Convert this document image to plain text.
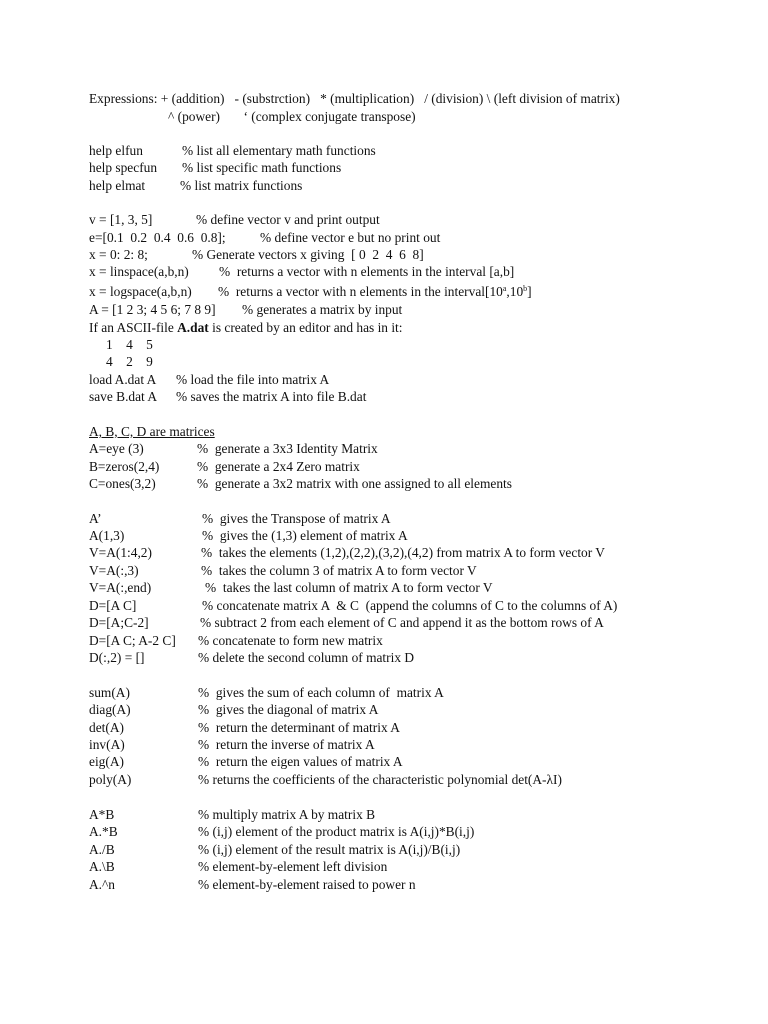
Expressions: + (addition)   - (substrction)   * (multiplication)   / (division) \ (left division of matrix)
^ (power)       ‘ (complex conjugate transpose)
help elfun	% list all elementary math functions
help specfun % list specific math functions
help elmat	% list matrix functions
v = [1, 3, 5]	% define vector v and print output
e=[0.1  0.2  0.4  0.6  0.8];	% define vector e but no print out
x = 0: 2: 8;	% Generate vectors x giving  [ 0  2  4  6  8]
x = linspace(a,b,n) %  returns a vector with n elements in the interval [a,b]
x = logspace(a,b,n) %  returns a vector with n elements in the interval[10$^a$,10$^b$]
A = [1 2 3; 4 5 6; 7 8 9] % generates a matrix by input
If an ASCII-file A.dat is created by an editor and has in it:
1    4    5
4    2    9
load A.dat A % load the file into matrix A
save B.dat A % saves the matrix A into file B.dat
A, B, C, D are matrices
A=eye (3)	%  generate a 3x3 Identity Matrix
B=zeros(2,4)	%  generate a 2x4 Zero matrix
C=ones(3,2)	%  generate a 3x2 matrix with one assigned to all elements
A’	%  gives the Transpose of matrix A
A(1,3)	%  gives the (1,3) element of matrix A
V=A(1:4,2)	%  takes the elements (1,2),(2,2),(3,2),(4,2) from matrix A to form vector V
V=A(:,3)	%  takes the column 3 of matrix A to form vector V
V=A(:,end)	%  takes the last column of matrix A to form vector V
D=[A C]	% concatenate matrix A  & C  (append the columns of C to the columns of A)
D=[A;C-2]	% subtract 2 from each element of C and append it as the bottom rows of A
D=[A C; A-2 C] % concatenate to form new matrix
D(:,2) = []	% delete the second column of matrix D
sum(A)	%  gives the sum of each column of  matrix A
diag(A)	%  gives the diagonal of matrix A
det(A)	%  return the determinant of matrix A
inv(A)	%  return the inverse of matrix A
eig(A)	%  return the eigen values of matrix A
poly(A)	% returns the coefficients of the characteristic polynomial det(A-λI)
A*B	% multiply matrix A by matrix B
A.*B	% (i,j) element of the product matrix is A(i,j)*B(i,j)
A./B	% (i,j) element of the result matrix is A(i,j)/B(i,j)
A.\B	% element-by-element left division
A.^n	% element-by-element raised to power n
